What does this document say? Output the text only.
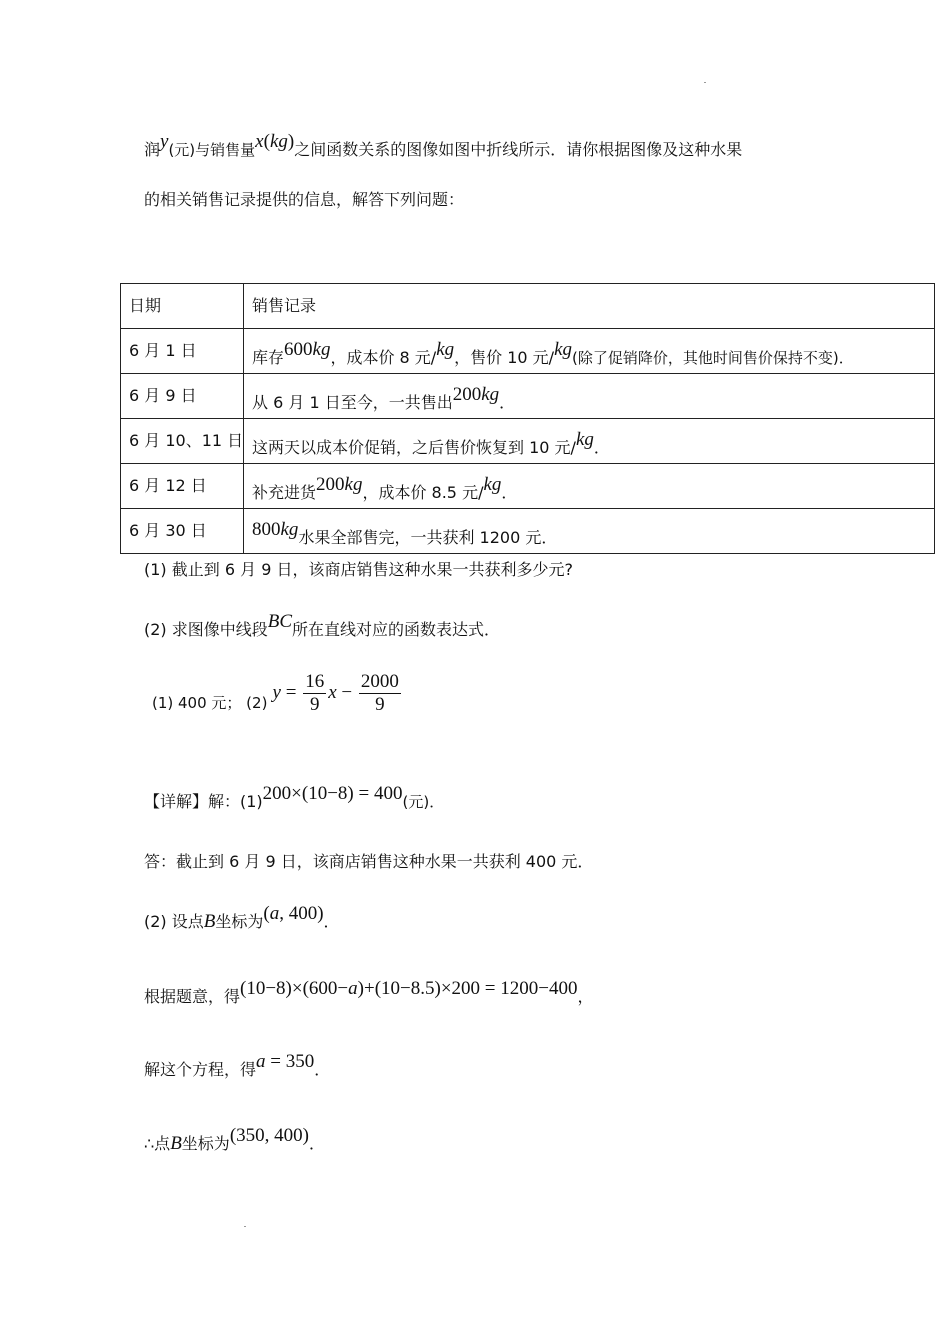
润y(元)与销售量x(kg)之间函数关系的图像如图中折线所示．请你根据图像及这种水果
的相关销售记录提供的信息，解答下列问题：
日期	销售记录
6 月 1 日	库存600kg，成本价 8 元/kg，售价 10 元/kg(除了促销降价，其他时间售价保持不变)．
6 月 9 日	从 6 月 1 日至今，一共售出200kg．
6 月 10、11 日	这两天以成本价促销，之后售价恢复到 10 元/kg．
6 月 12 日	补充进货200kg，成本价 8.5 元/kg．
6 月 30 日	800kg水果全部售完，一共获利 1200 元．
(1) 截止到 6 月 9 日，该商店销售这种水果一共获利多少元?
(2) 求图像中线段BC所在直线对应的函数表达式．
(1) 400 元； (2) $y = \frac{16}{9}$ $x - \frac{2000}{9}$
【详解】解：(1)200×(10−8) = 400(元)．
答：截止到 6 月 9 日，该商店销售这种水果一共获利 400 元．
(2) 设点B坐标为(a, 400)．
根据题意，得(10−8)×(600−a)+(10−8.5)×200 = 1200−400，
解这个方程，得a = 350．
∴点B坐标为(350, 400)．
